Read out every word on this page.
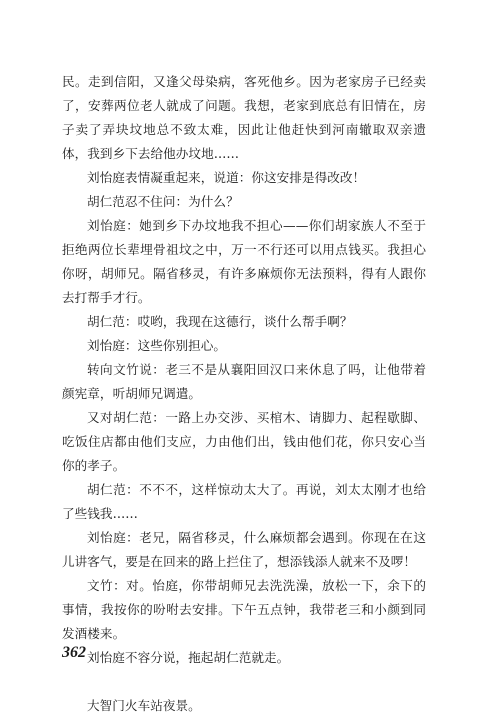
民。走到信阳，又逢父母染病，客死他乡。因为老家房子已经卖了，安葬两位老人就成了问题。我想，老家到底总有旧情在，房子卖了弄块坟地总不致太难，因此让他赶快到河南辙取双亲遗体，我到乡下去给他办坟地……

刘怡庭表情凝重起来，说道：你这安排是得改改！

胡仁范忍不住问：为什么？

刘怡庭：她到乡下办坟地我不担心——你们胡家族人不至于拒绝两位长辈埋骨祖坟之中，万一不行还可以用点钱买。我担心你呀，胡师兄。隔省移灵，有许多麻烦你无法预料，得有人跟你去打帮手才行。

胡仁范：哎哟，我现在这德行，谈什么帮手啊？

刘怡庭：这些你别担心。

转向文竹说：老三不是从襄阳回汉口来休息了吗，让他带着颜宪章，听胡师兄调遣。

又对胡仁范：一路上办交涉、买棺木、请脚力、起程歇脚、吃饭住店都由他们支应，力由他们出，钱由他们花，你只安心当你的孝子。

胡仁范：不不不，这样惊动太大了。再说，刘太太刚才也给了些钱我……

刘怡庭：老兄，隔省移灵，什么麻烦都会遇到。你现在在这儿讲客气，要是在回来的路上拦住了，想添钱添人就来不及啰！

文竹：对。怡庭，你带胡师兄去洗洗澡，放松一下，余下的事情，我按你的吩咐去安排。下午五点钟，我带老三和小颜到同发酒楼来。

刘怡庭不容分说，拖起胡仁范就走。

大智门火车站夜景。

362
